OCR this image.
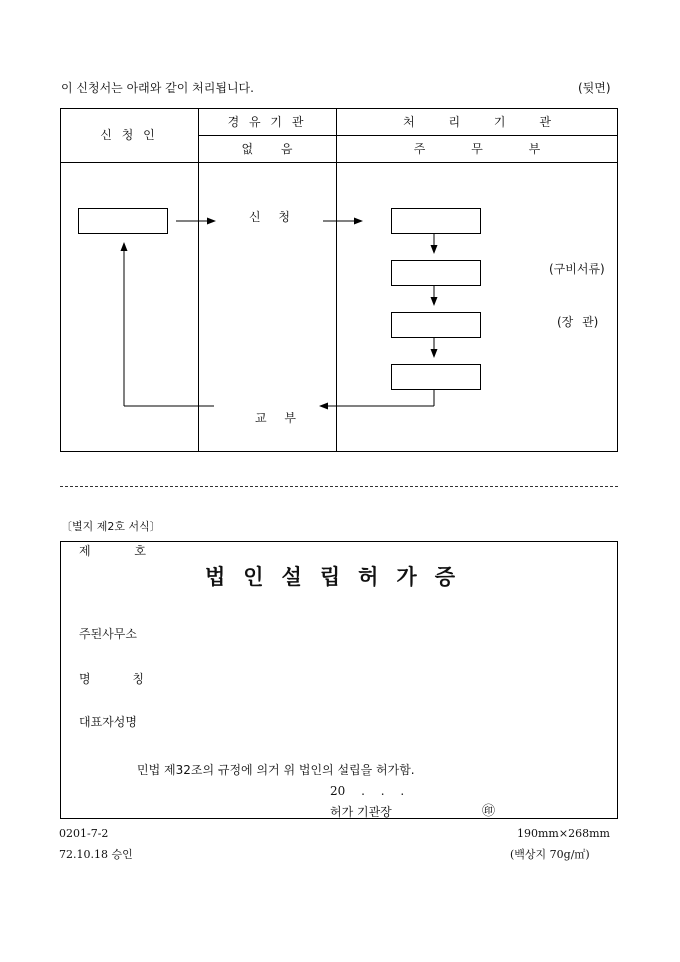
이 신청서는 아래와 같이 처리됩니다.	(뒷면)
신 청 인
경 유 기 관
없 음
처 리 기 관
주 무 부
신 청
교 부
(구비서류)
(장 관)
〔별지 제2호 서식〕
제 호
법인설립허가증
주된사무소
명 칭
대표자성명
민법 제32조의 규정에 의거 위 법인의 설립을 허가함.
20 . . .
허가 기관장	㊞
0201-7-2
72.10.18 승인
190mm×268mm
(백상지 70g/㎡)
